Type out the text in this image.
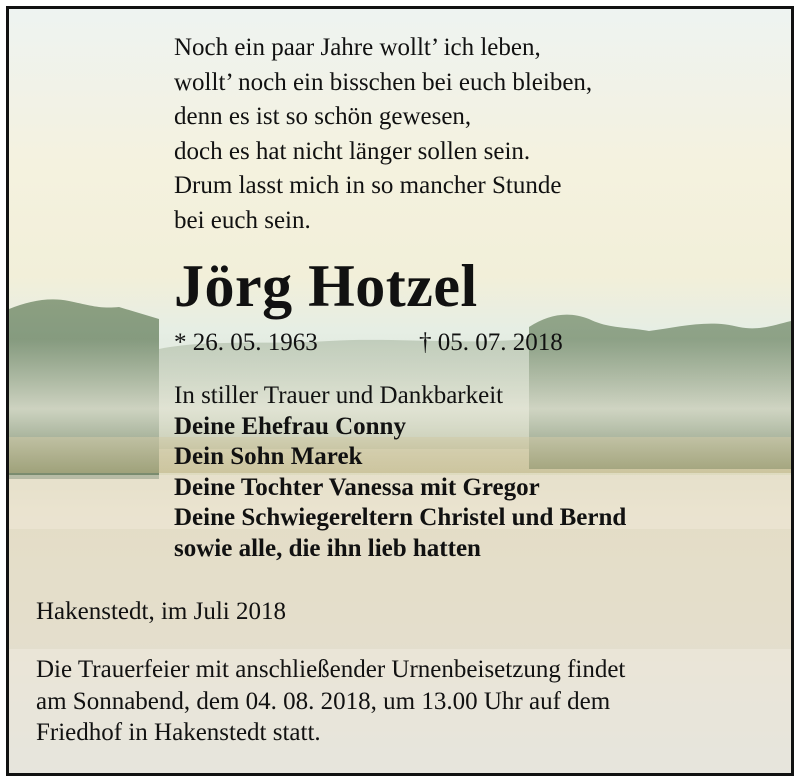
Noch ein paar Jahre wollt’ ich leben,
wollt’ noch ein bisschen bei euch bleiben,
denn es ist so schön gewesen,
doch es hat nicht länger sollen sein.
Drum lasst mich in so mancher Stunde
bei euch sein.
Jörg Hotzel
* 26. 05. 1963	† 05. 07. 2018
In stiller Trauer und Dankbarkeit
Deine Ehefrau Conny
Dein Sohn Marek
Deine Tochter Vanessa mit Gregor
Deine Schwiegereltern Christel und Bernd
sowie alle, die ihn lieb hatten
Hakenstedt, im Juli 2018
Die Trauerfeier mit anschließender Urnenbeisetzung findet
am Sonnabend, dem 04. 08. 2018, um 13.00 Uhr auf dem
Friedhof in Hakenstedt statt.
